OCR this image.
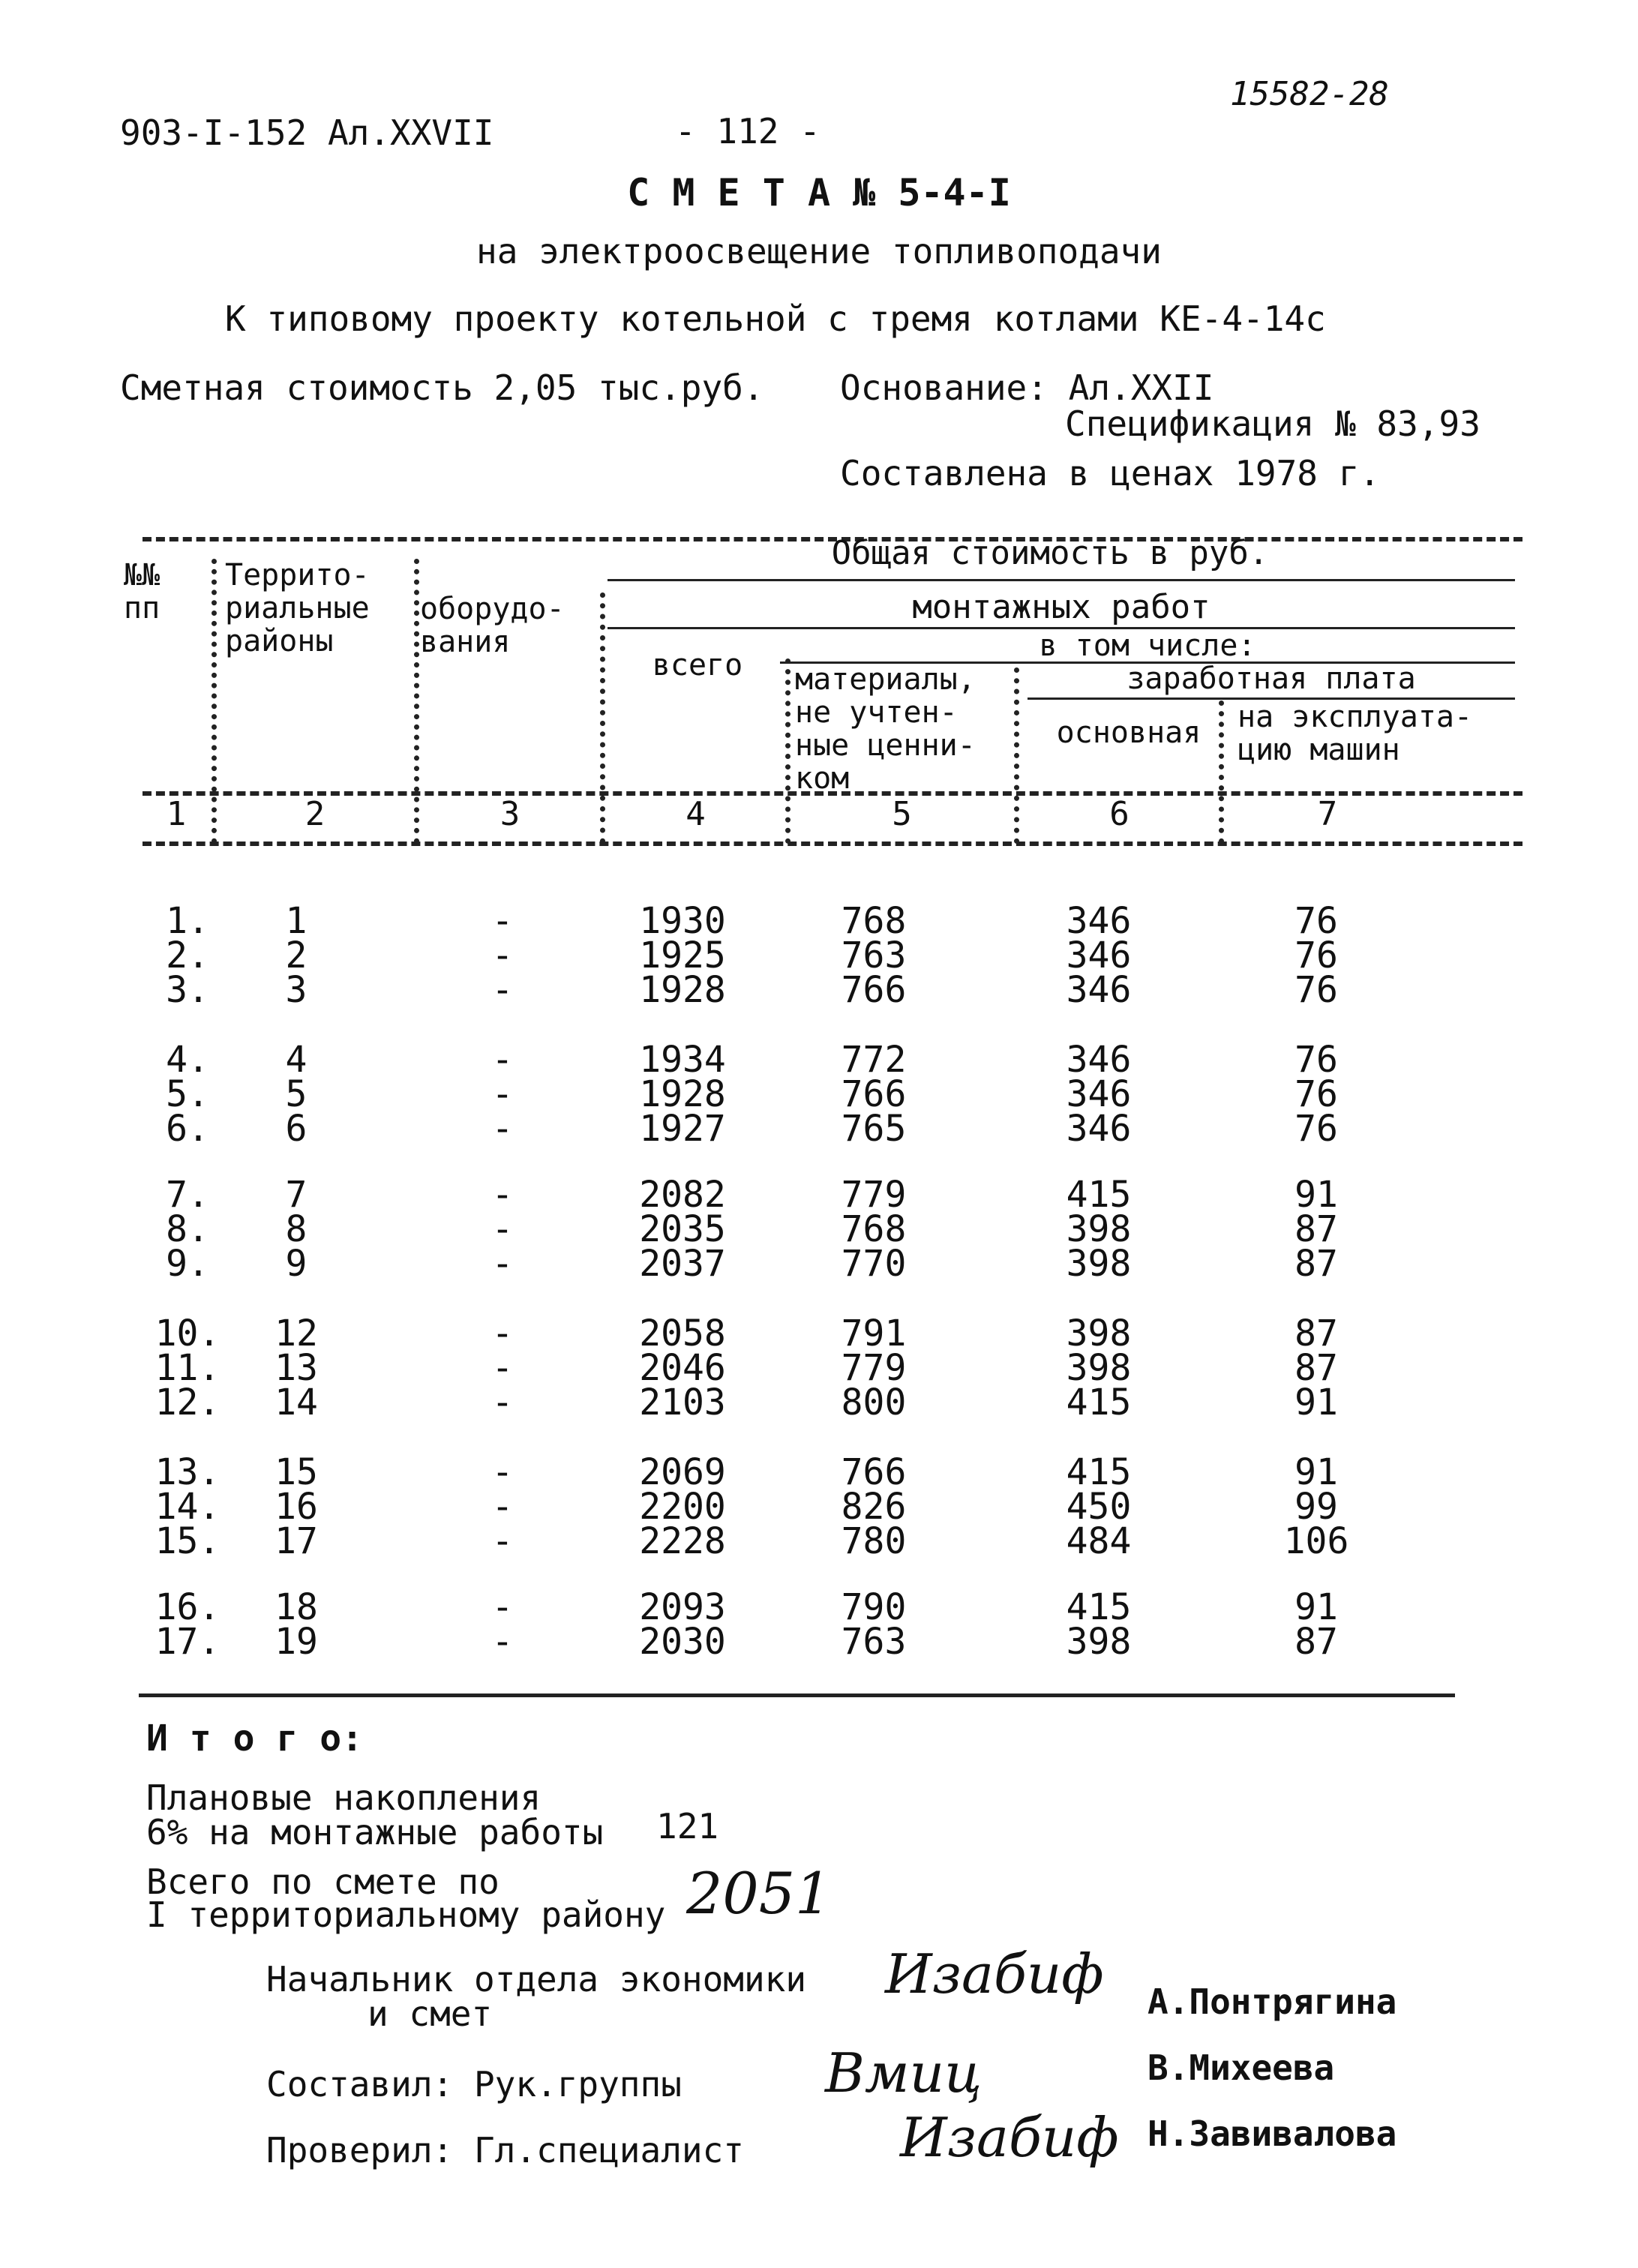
903-I-152 Ал.XXVII	- 112 -
15582-28
С М Е Т А № 5-4-I
на электроосвещение топливоподачи
К типовому проекту котельной с тремя котлами КЕ-4-14с
Сметная стоимость 2,05 тыс.руб. Основание: Ал.XXII
Спецификация № 83,93
Составлена в ценах 1978 г.
№№ пп
Террито- риальные районы
оборудо- вания
Общая стоимость в руб.
монтажных работ
в том числе:
всего	материалы, не учтен- ные ценни- ком
заработная плата
основная	на эксплуата- цию машин
1	2	3	4	5	6	7
1.	1	-	1930	768	346	76
2.	2	-	1925	763	346	76
3.	3	-	1928	766	346	76
4.	4	-	1934	772	346	76
5.	5	-	1928	766	346	76
6.	6	-	1927	765	346	76
7.	7	-	2082	779	415	91
8.	8	-	2035	768	398	87
9.	9	-	2037	770	398	87
10.	12	-	2058	791	398	87
11.	13	-	2046	779	398	87
12.	14	-	2103	800	415	91
13.	15	-	2069	766	415	91
14.	16	-	2200	826	450	99
15.	17	-	2228	780	484	106
16.	18	-	2093	790	415	91
17.	19	-	2030	763	398	87
И т о г о:
Плановые накопления
6% на монтажные работы 121
Всего по смете по
I территориальному району 2051
Начальник отдела экономики
и смет
Изабиф А.Понтрягина
Составил: Рук.группы	Вмиц	В.Михеева
Проверил: Гл.специалист	Изабиф Н.Завивалова
